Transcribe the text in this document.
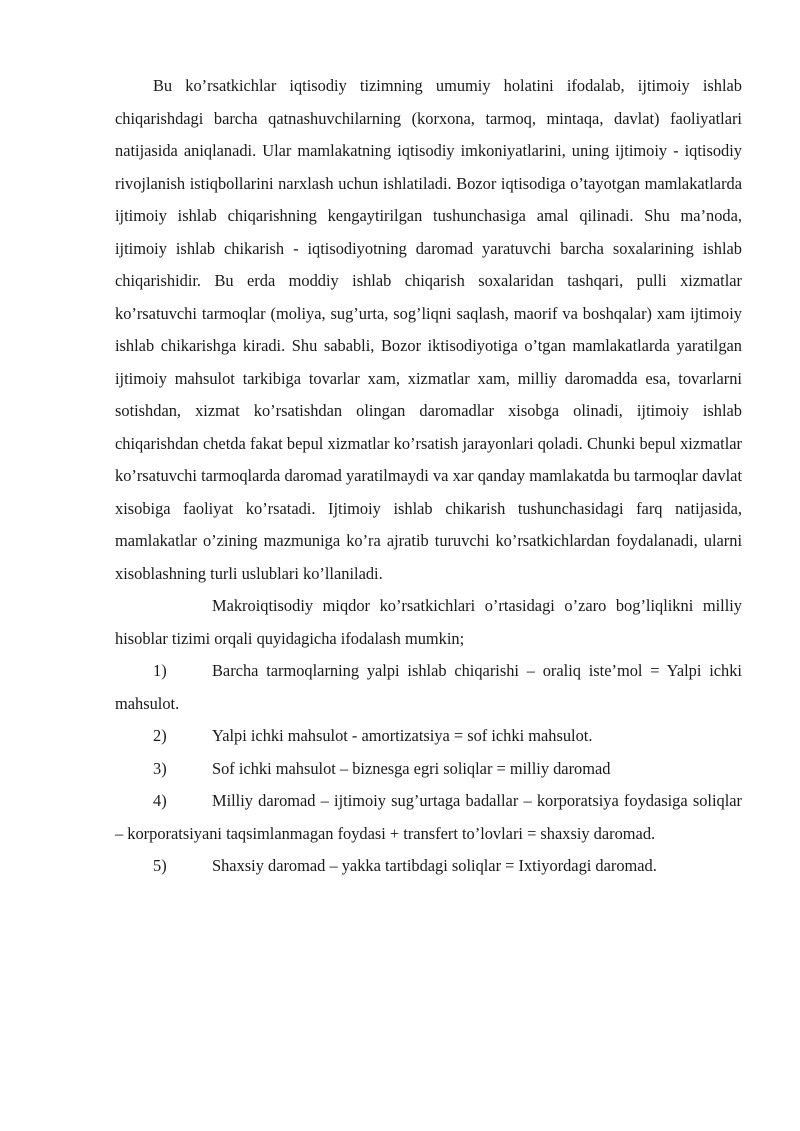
Bu ko’rsatkichlar iqtisodiy tizimning umumiy holatini ifodalab, ijtimoiy ishlab chiqarishdagi barcha qatnashuvchilarning (korxona, tarmoq, mintaqa, davlat) faoliyatlari natijasida aniqlanadi. Ular mamlakatning iqtisodiy imkoniyatlarini, uning ijtimoiy - iqtisodiy rivojlanish istiqbollarini narxlash uchun ishlatiladi. Bozor iqtisodiga o’tayotgan mamlakatlarda ijtimoiy ishlab chiqarishning kengaytirilgan tushunchasiga amal qilinadi. Shu ma’noda, ijtimoiy ishlab chikarish - iqtisodiyotning daromad yaratuvchi barcha soxalarining ishlab chiqarishidir. Bu erda moddiy ishlab chiqarish soxalaridan tashqari, pulli xizmatlar ko’rsatuvchi tarmoqlar (moliya, sug’urta, sog’liqni saqlash, maorif va boshqalar) xam ijtimoiy ishlab chikarishga kiradi. Shu sababli, Bozor iktisodiyotiga o’tgan mamlakatlarda yaratilgan ijtimoiy mahsulot tarkibiga tovarlar xam, xizmatlar xam, milliy daromadda esa, tovarlarni sotishdan, xizmat ko’rsatishdan olingan daromadlar xisobga olinadi, ijtimoiy ishlab chiqarishdan chetda fakat bepul xizmatlar ko’rsatish jarayonlari qoladi. Chunki bepul xizmatlar ko’rsatuvchi tarmoqlarda daromad yaratilmaydi va xar qanday mamlakatda bu tarmoqlar davlat xisobiga faoliyat ko’rsatadi. Ijtimoiy ishlab chikarish tushunchasidagi farq natijasida, mamlakatlar o’zining mazmuniga ko’ra ajratib turuvchi ko’rsatkichlardan foydalanadi, ularni xisoblashning turli uslublari ko’llaniladi.

Makroiqtisodiy miqdor ko’rsatkichlari o’rtasidagi o’zaro bog’liqlikni milliy hisoblar tizimi orqali quyidagicha ifodalash mumkin;

1)	Barcha tarmoqlarning yalpi ishlab chiqarishi – oraliq iste’mol = Yalpi ichki mahsulot.

2)	Yalpi ichki mahsulot - amortizatsiya = sof ichki mahsulot.

3)	Sof ichki mahsulot – biznesga egri soliqlar = milliy daromad

4)	Milliy daromad – ijtimoiy sug’urtaga badallar – korporatsiya foydasiga soliqlar – korporatsiyani taqsimlanmagan foydasi + transfert to’lovlari = shaxsiy daromad.

5)	Shaxsiy daromad – yakka tartibdagi soliqlar = Ixtiyordagi daromad.
